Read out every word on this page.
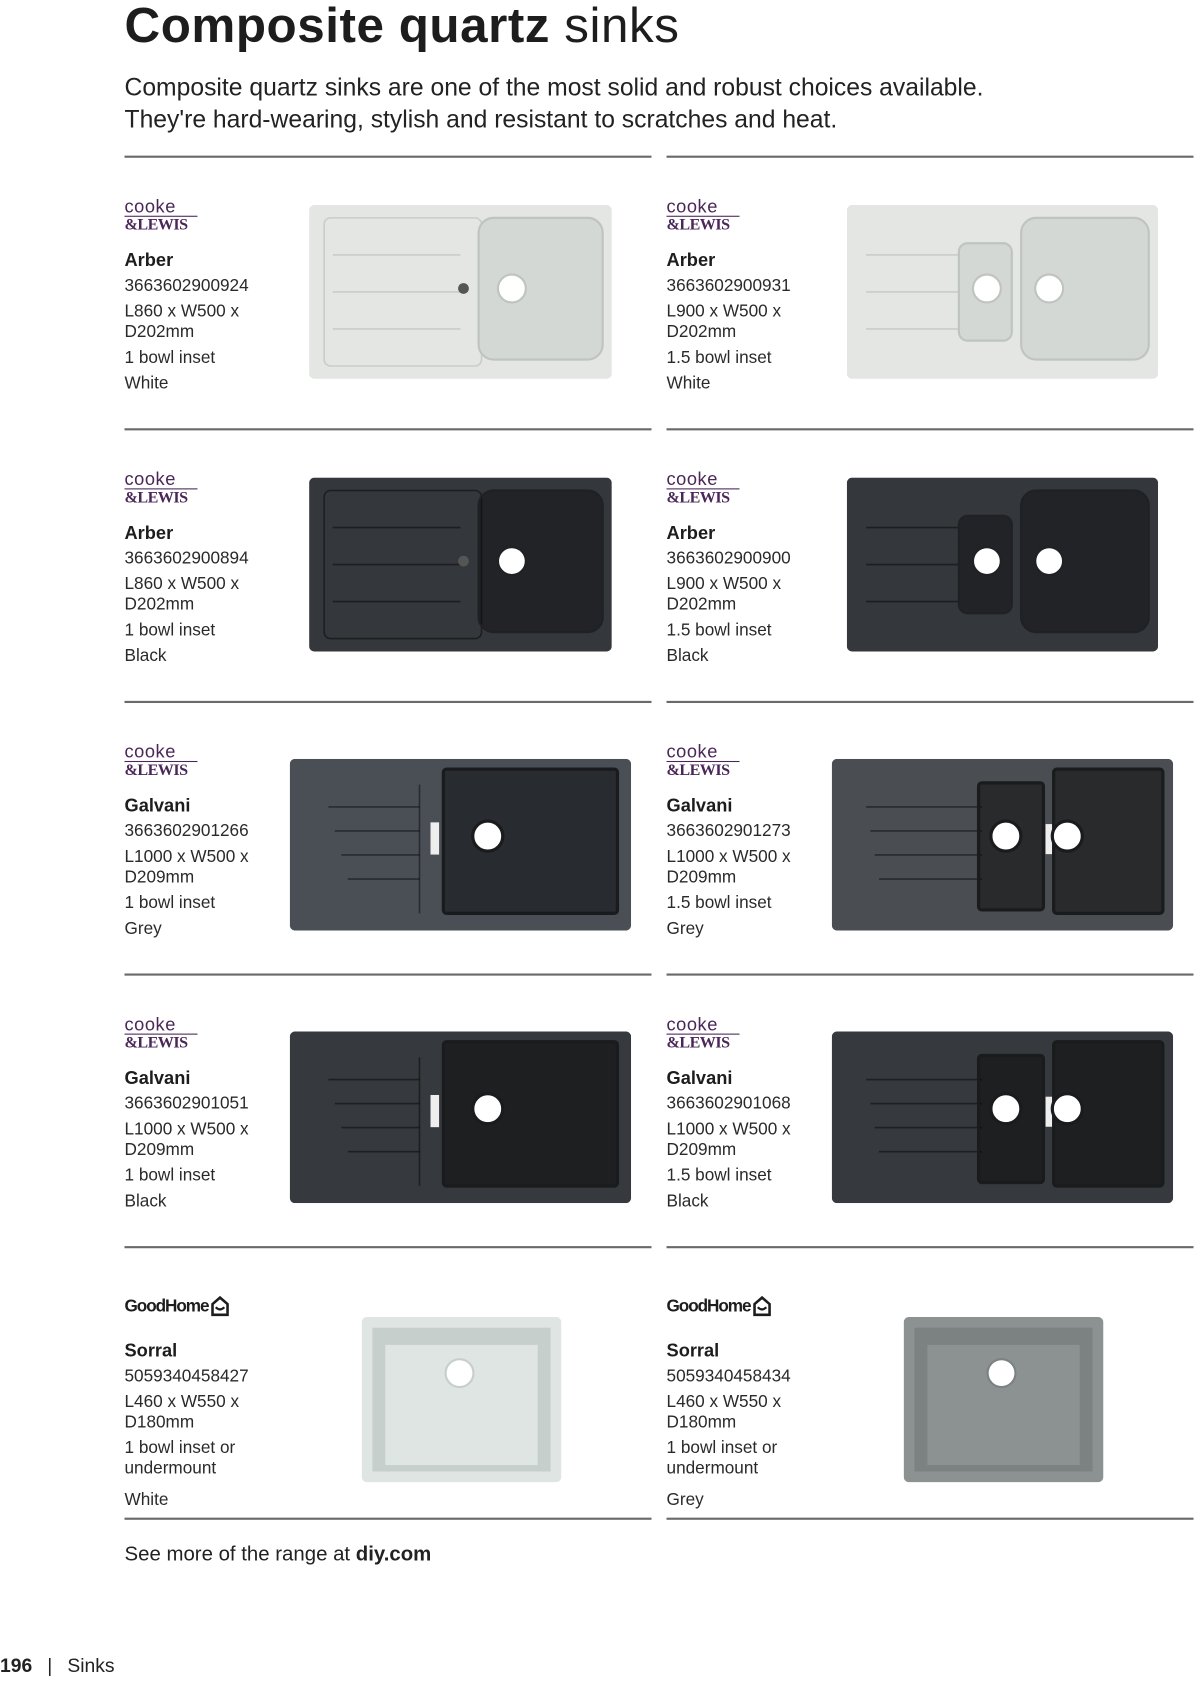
Composite quartz sinks
Composite quartz sinks are one of the most solid and robust choices available. They're hard-wearing, stylish and resistant to scratches and heat.
cooke
&LEWIS
Arber
3663602900924
L860 x W500 x
D202mm
1 bowl inset
White
cooke
&LEWIS
Arber
3663602900931
L900 x W500 x
D202mm
1.5 bowl inset
White
cooke
&LEWIS
Arber
3663602900894
L860 x W500 x
D202mm
1 bowl inset
Black
cooke
&LEWIS
Arber
3663602900900
L900 x W500 x
D202mm
1.5 bowl inset
Black
cooke
&LEWIS
Galvani
3663602901266
L1000 x W500 x
D209mm
1 bowl inset
Grey
cooke
&LEWIS
Galvani
3663602901273
L1000 x W500 x
D209mm
1.5 bowl inset
Grey
cooke
&LEWIS
Galvani
3663602901051
L1000 x W500 x
D209mm
1 bowl inset
Black
cooke
&LEWIS
Galvani
3663602901068
L1000 x W500 x
D209mm
1.5 bowl inset
Black
GoodHome
Sorral
5059340458427
L460 x W550 x
D180mm
1 bowl inset or undermount
White
GoodHome
Sorral
5059340458434
L460 x W550 x
D180mm
1 bowl inset or undermount
Grey
See more of the range at diy.com
196 | Sinks
